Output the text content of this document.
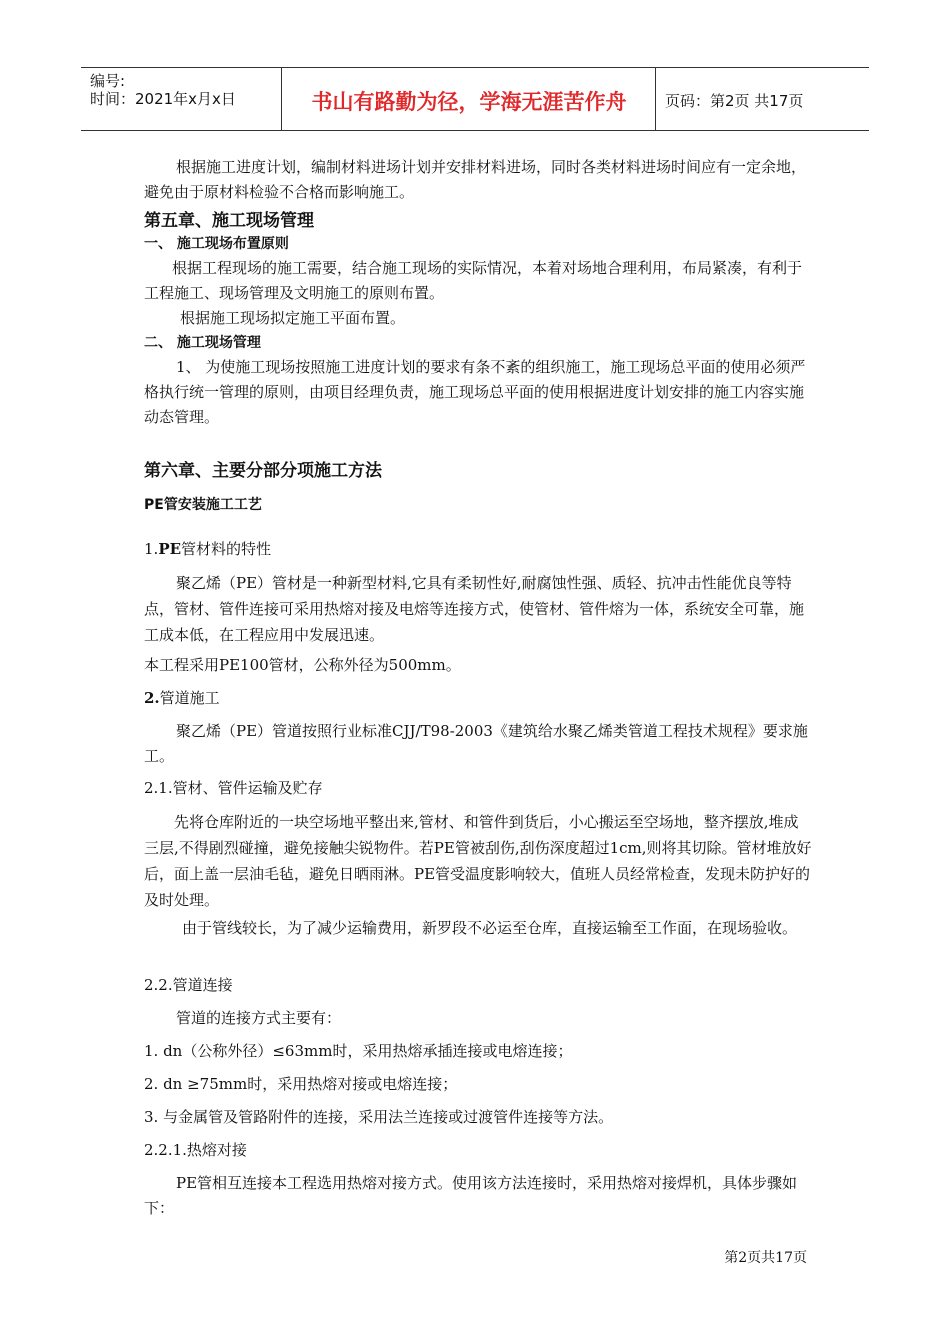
编号:
时间：2021年x月x日	书山有路勤为径，学海无涯苦作舟	页码：第2页 共17页

根据施工进度计划，编制材料进场计划并安排材料进场，同时各类材料进场时间应有一定余地，避免由于原材料检验不合格而影响施工。

第五章、施工现场管理
一、 施工现场布置原则

根据工程现场的施工需要，结合施工现场的实际情况，本着对场地合理利用，布局紧凑，有利于工程施工、现场管理及文明施工的原则布置。

根据施工现场拟定施工平面布置。

二、 施工现场管理

1、 为使施工现场按照施工进度计划的要求有条不紊的组织施工，施工现场总平面的使用必须严格执行统一管理的原则，由项目经理负责，施工现场总平面的使用根据进度计划安排的施工内容实施动态管理。

第六章、主要分部分项施工方法
PE管安装施工工艺

1.PE管材料的特性

聚乙烯（PE）管材是一种新型材料,它具有柔韧性好,耐腐蚀性强、质轻、抗冲击性能优良等特点，管材、管件连接可采用热熔对接及电熔等连接方式，使管材、管件熔为一体，系统安全可靠，施工成本低，在工程应用中发展迅速。

本工程采用PE100管材，公称外径为500mm。

2.管道施工

聚乙烯（PE）管道按照行业标准CJJ/T98-2003《建筑给水聚乙烯类管道工程技术规程》要求施工。

2.1.管材、管件运输及贮存

先将仓库附近的一块空场地平整出来,管材、和管件到货后，小心搬运至空场地，整齐摆放,堆成三层,不得剧烈碰撞，避免接触尖锐物件。若PE管被刮伤,刮伤深度超过1cm,则将其切除。管材堆放好后，面上盖一层油毛毡，避免日晒雨淋。PE管受温度影响较大，值班人员经常检查，发现未防护好的及时处理。

由于管线较长，为了减少运输费用，新罗段不必运至仓库，直接运输至工作面，在现场验收。

2.2.管道连接

管道的连接方式主要有：

1. dn（公称外径）≤63mm时，采用热熔承插连接或电熔连接；

2. dn ≥75mm时，采用热熔对接或电熔连接；

3. 与金属管及管路附件的连接，采用法兰连接或过渡管件连接等方法。

2.2.1.热熔对接

PE管相互连接本工程选用热熔对接方式。使用该方法连接时，采用热熔对接焊机，具体步骤如下：

第2页共17页
